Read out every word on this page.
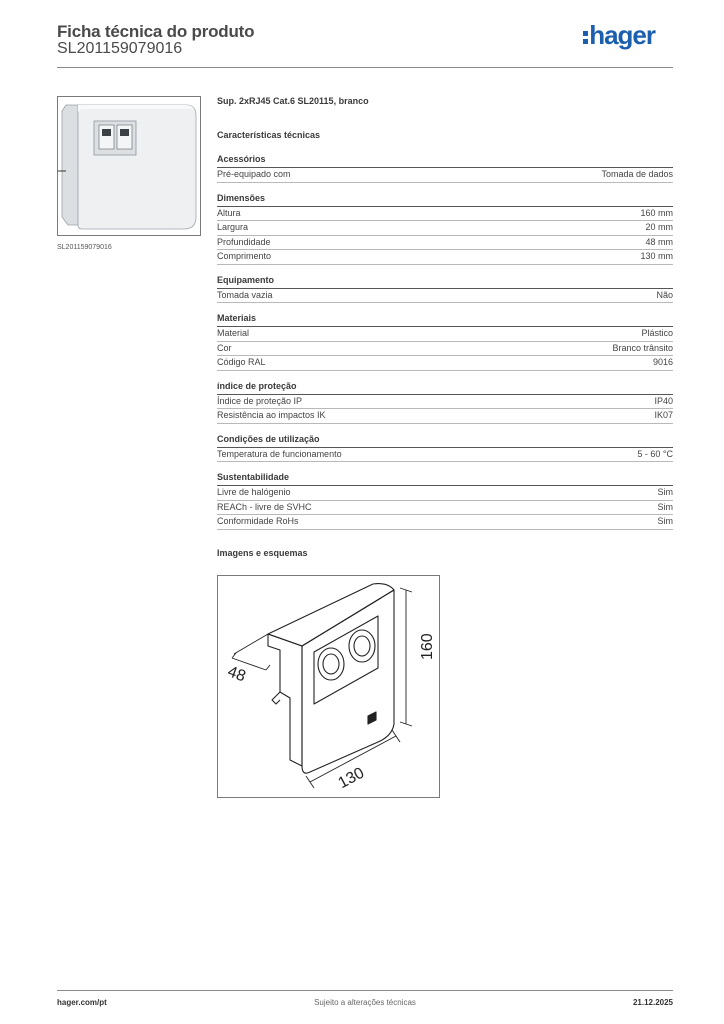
Ficha técnica do produto
SL201159079016	hager
SL201159079016
Sup. 2xRJ45 Cat.6 SL20115, branco
Características técnicas
Acessórios
Pré-equipado com	Tomada de dados
Dimensões
Altura	160 mm
Largura	20 mm
Profundidade	48 mm
Comprimento	130 mm
Equipamento
Tomada vazia	Não
Materiais
Material	Plástico
Cor	Branco trânsito
Código RAL	9016
índice de proteção
Índice de proteção IP	IP40
Resistência ao impactos IK	IK07
Condições de utilização
Temperatura de funcionamento	5 - 60 °C
Sustentabilidade
Livre de halógenio	Sim
REACh - livre de SVHC	Sim
Conformidade RoHs	Sim
Imagens e esquemas
48
160
130
hager.com/pt	Sujeito a alterações técnicas	21.12.2025
